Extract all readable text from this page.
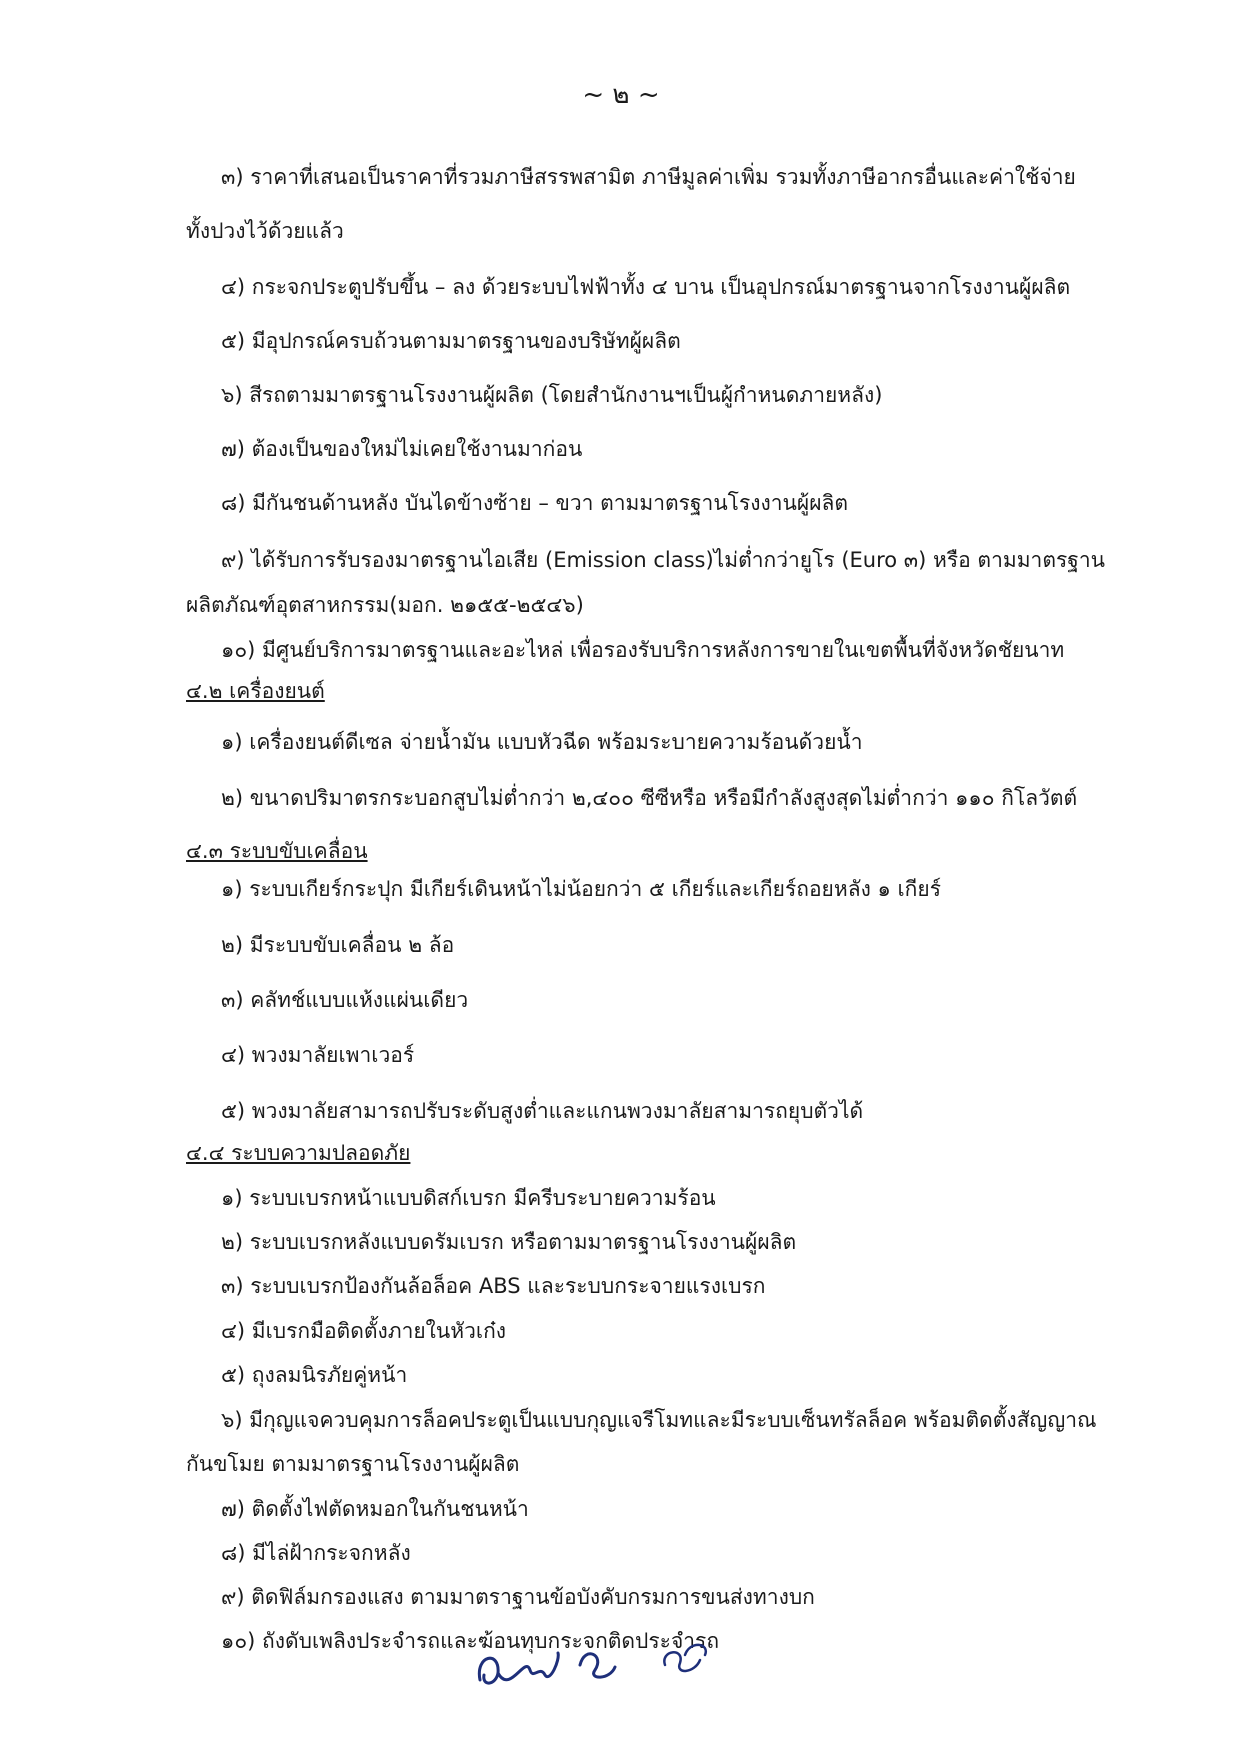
~ ๒ ~
๓) ราคาที่เสนอเป็นราคาที่รวมภาษีสรรพสามิต ภาษีมูลค่าเพิ่ม รวมทั้งภาษีอากรอื่นและค่าใช้จ่าย
ทั้งปวงไว้ด้วยแล้ว
๔) กระจกประตูปรับขึ้น – ลง ด้วยระบบไฟฟ้าทั้ง ๔ บาน เป็นอุปกรณ์มาตรฐานจากโรงงานผู้ผลิต
๕) มีอุปกรณ์ครบถ้วนตามมาตรฐานของบริษัทผู้ผลิต
๖) สีรถตามมาตรฐานโรงงานผู้ผลิต (โดยสำนักงานฯเป็นผู้กำหนดภายหลัง)
๗) ต้องเป็นของใหม่ไม่เคยใช้งานมาก่อน
๘) มีกันชนด้านหลัง บันไดข้างซ้าย – ขวา ตามมาตรฐานโรงงานผู้ผลิต
๙) ได้รับการรับรองมาตรฐานไอเสีย (Emission class)ไม่ต่ำกว่ายูโร (Euro ๓) หรือ ตามมาตรฐาน
ผลิตภัณฑ์อุตสาหกรรม(มอก. ๒๑๕๕-๒๕๔๖)
๑๐) มีศูนย์บริการมาตรฐานและอะไหล่ เพื่อรองรับบริการหลังการขายในเขตพื้นที่จังหวัดชัยนาท
๔.๒ เครื่องยนต์
๑) เครื่องยนต์ดีเซล จ่ายน้ำมัน แบบหัวฉีด พร้อมระบายความร้อนด้วยน้ำ
๒) ขนาดปริมาตรกระบอกสูบไม่ต่ำกว่า ๒,๔๐๐ ซีซีหรือ หรือมีกำลังสูงสุดไม่ต่ำกว่า ๑๑๐ กิโลวัตต์
๔.๓ ระบบขับเคลื่อน
๑) ระบบเกียร์กระปุก มีเกียร์เดินหน้าไม่น้อยกว่า ๕ เกียร์และเกียร์ถอยหลัง ๑ เกียร์
๒) มีระบบขับเคลื่อน ๒ ล้อ
๓) คลัทช์แบบแห้งแผ่นเดียว
๔) พวงมาลัยเพาเวอร์
๕) พวงมาลัยสามารถปรับระดับสูงต่ำและแกนพวงมาลัยสามารถยุบตัวได้
๔.๔ ระบบความปลอดภัย
๑) ระบบเบรกหน้าแบบดิสก์เบรก มีครีบระบายความร้อน
๒) ระบบเบรกหลังแบบดรัมเบรก หรือตามมาตรฐานโรงงานผู้ผลิต
๓) ระบบเบรกป้องกันล้อล็อค ABS และระบบกระจายแรงเบรก
๔) มีเบรกมือติดตั้งภายในหัวเก๋ง
๕) ถุงลมนิรภัยคู่หน้า
๖) มีกุญแจควบคุมการล็อคประตูเป็นแบบกุญแจรีโมทและมีระบบเซ็นทรัลล็อค พร้อมติดตั้งสัญญาณ
กันขโมย ตามมาตรฐานโรงงานผู้ผลิต
๗) ติดตั้งไฟตัดหมอกในกันชนหน้า
๘) มีไล่ฝ้ากระจกหลัง
๙) ติดฟิล์มกรองแสง ตามมาตราฐานข้อบังคับกรมการขนส่งทางบก
๑๐) ถังดับเพลิงประจำรถและฆ้อนทุบกระจกติดประจำรถ
